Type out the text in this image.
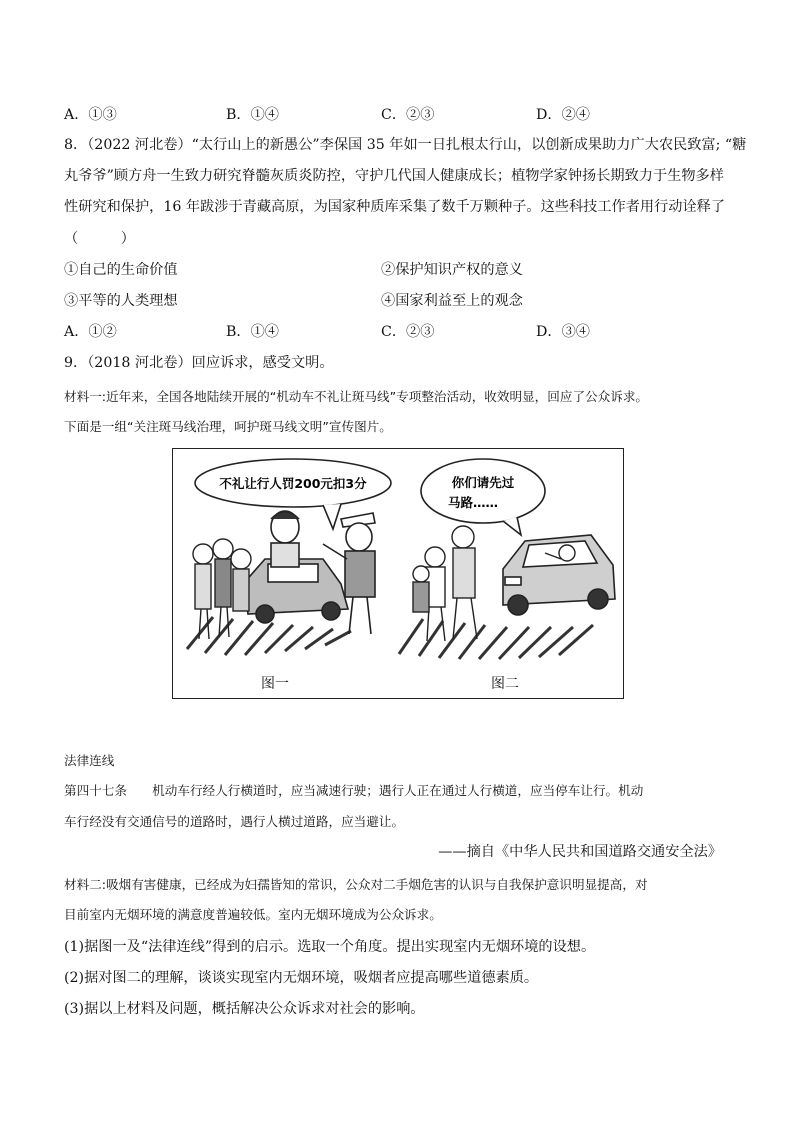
A．①③	B．①④	C．②③	D．②④
8．（2022 河北卷）“太行山上的新愚公”李保国 35 年如一日扎根太行山，以创新成果助力广大农民致富; “糖
丸爷爷”顾方舟一生致力研究脊髓灰质炎防控，守护几代国人健康成长；植物学家钟扬长期致力于生物多样
性研究和保护，16 年跋涉于青藏高原，为国家种质库采集了数千万颗种子。这些科技工作者用行动诠释了
（　　　）
①自己的生命价值	②保护知识产权的意义
③平等的人类理想	④国家利益至上的观念
A．①②	B．①④	C．②③	D．③④
9．（2018 河北卷）回应诉求，感受文明。
材料一:近年来，全国各地陆续开展的“机动车不礼让斑马线”专项整治活动，收效明显，回应了公众诉求。
下面是一组“关注斑马线治理，呵护斑马线文明”宣传图片。
不礼让行人罚200元扣3分	你们请先过
马路……
图一	图二
法律连线
第四十七条　　机动车行经人行横道时，应当减速行驶；遇行人正在通过人行横道，应当停车让行。机动
车行经没有交通信号的道路时，遇行人横过道路，应当避让。
——摘自《中华人民共和国道路交通安全法》
材料二:吸烟有害健康，已经成为妇孺皆知的常识，公众对二手烟危害的认识与自我保护意识明显提高，对
目前室内无烟环境的满意度普遍较低。室内无烟环境成为公众诉求。
(1)据图一及“法律连线”得到的启示。选取一个角度。提出实现室内无烟环境的设想。
(2)据对图二的理解，谈谈实现室内无烟环境，吸烟者应提高哪些道德素质。
(3)据以上材料及问题，概括解决公众诉求对社会的影响。
